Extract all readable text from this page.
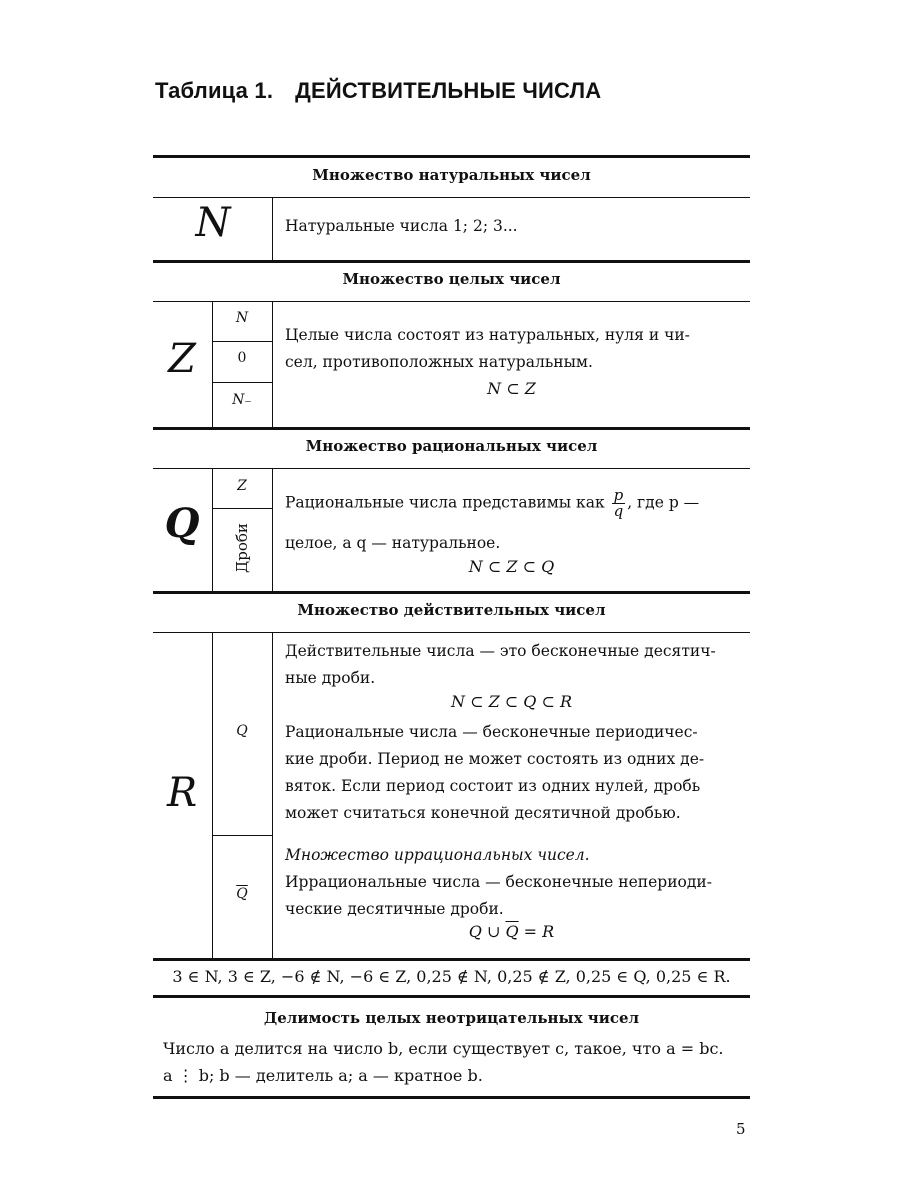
Таблица 1. ДЕЙСТВИТЕЛЬНЫЕ ЧИСЛА
Множество натуральных чисел
N	Натуральные числа 1; 2; 3...
Множество целых чисел
Z
N
0
N₋
Целые числа состоят из натуральных, нуля и чи-
сел, противоположных натуральным.
N ⊂ Z
Множество рациональных чисел
Q
Z
Дроби
Рациональные числа представимы как $\frac{p}{q}$ , где p —
целое, а q — натуральное.
N ⊂ Z ⊂ Q
Множество действительных чисел
R
Q
$\overline{Q}$
Действительные числа — это бесконечные десятич-
ные дроби.
N ⊂ Z ⊂ Q ⊂ R
Рациональные числа — бесконечные периодичес-
кие дроби. Период не может состоять из одних де-
вяток. Если период состоит из одних нулей, дробь
может считаться конечной десятичной дробью.
Множество иррациональных чисел.
Иррациональные числа — бесконечные непериоди-
ческие десятичные дроби.
Q ∪ $\overline{Q} = R$
3 ∈ N, 3 ∈ Z, −6 ∉ N, −6 ∈ Z, 0,25 ∉ N, 0,25 ∉ Z, 0,25 ∈ Q, 0,25 ∈ R.
Делимость целых неотрицательных чисел
Число a делится на число b, если существует c, такое, что a = bc.
a ⋮ b; b — делитель a; a — кратное b.
5
